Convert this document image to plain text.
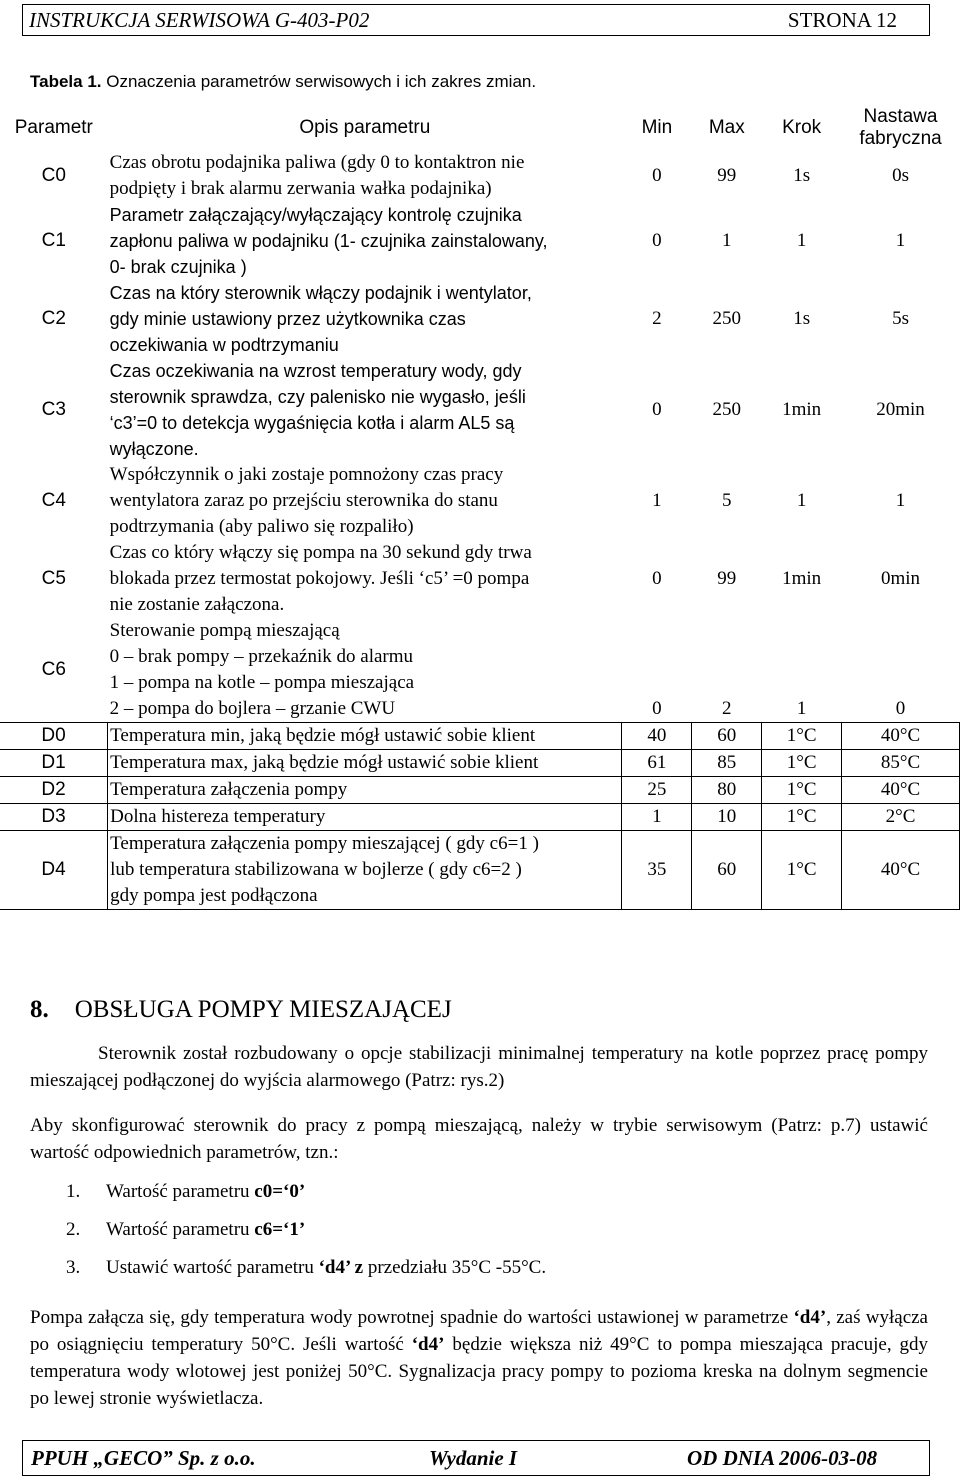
INSTRUKCJA SERWISOWA G-403-P02	STRONA 12
Tabela 1. Oznaczenia parametrów serwisowych i ich zakres zmian.
Parametr	Opis parametru	Min	Max	Krok	Nastawa fabryczna
C0	Czas obrotu podajnika paliwa (gdy 0 to kontaktron nie
podpięty i brak alarmu zerwania wałka podajnika)	0	99	1s	0s
C1	Parametr załączający/wyłączający kontrolę czujnika
zapłonu paliwa w podajniku (1- czujnika zainstalowany,
0- brak czujnika )	0	1	1	1
C2	Czas na który sterownik włączy podajnik i wentylator,
gdy minie ustawiony przez użytkownika czas
oczekiwania w podtrzymaniu	2	250	1s	5s
C3	Czas oczekiwania na wzrost temperatury wody, gdy
sterownik sprawdza, czy palenisko nie wygasło, jeśli
‘c3’=0 to detekcja wygaśnięcia kotła i alarm AL5 są
wyłączone.	0	250	1min	20min
C4	Współczynnik o jaki zostaje pomnożony czas pracy
wentylatora zaraz po przejściu sterownika do stanu
podtrzymania (aby paliwo się rozpaliło)	1	5	1	1
C5	Czas co który włączy się pompa na 30 sekund gdy trwa
blokada przez termostat pokojowy. Jeśli ‘c5’ =0 pompa
nie zostanie załączona.	0	99	1min	0min
C6	Sterowanie pompą mieszającą
0 – brak pompy – przekaźnik do alarmu
1 – pompa na kotle – pompa mieszająca
2 – pompa do bojlera – grzanie CWU	0	2	1	0
D0	Temperatura min, jaką będzie mógł ustawić sobie klient	40	60	1°C	40°C
D1	Temperatura max, jaką będzie mógł ustawić sobie klient	61	85	1°C	85°C
D2	Temperatura załączenia pompy	25	80	1°C	40°C
D3	Dolna histereza temperatury	1	10	1°C	2°C
D4	Temperatura załączenia pompy mieszającej ( gdy c6=1 )
lub temperatura stabilizowana w bojlerze ( gdy c6=2 )
gdy pompa jest podłączona	35	60	1°C	40°C
8. OBSŁUGA POMPY MIESZAJĄCEJ

Sterownik został rozbudowany o opcje stabilizacji minimalnej temperatury na kotle poprzez pracę pompy mieszającej podłączonej do wyjścia alarmowego (Patrz: rys.2)

Aby skonfigurować sterownik do pracy z pompą mieszającą, należy w trybie serwisowym (Patrz: p.7) ustawić wartość odpowiednich parametrów, tzn.:

1. Wartość parametru c0=‘0’
2. Wartość parametru c6=‘1’
3. Ustawić wartość parametru ‘d4’ z przedziału 35°C -55°C.

Pompa załącza się, gdy temperatura wody powrotnej spadnie do wartości ustawionej w parametrze ‘d4’, zaś wyłącza po osiągnięciu temperatury 50°C. Jeśli wartość ‘d4’ będzie większa niż 49°C to pompa mieszająca pracuje, gdy temperatura wody wlotowej jest poniżej 50°C. Sygnalizacja pracy pompy to pozioma kreska na dolnym segmencie po lewej stronie wyświetlacza.

PPUH „GECO” Sp. z o.o.	Wydanie I	OD DNIA 2006-03-08
